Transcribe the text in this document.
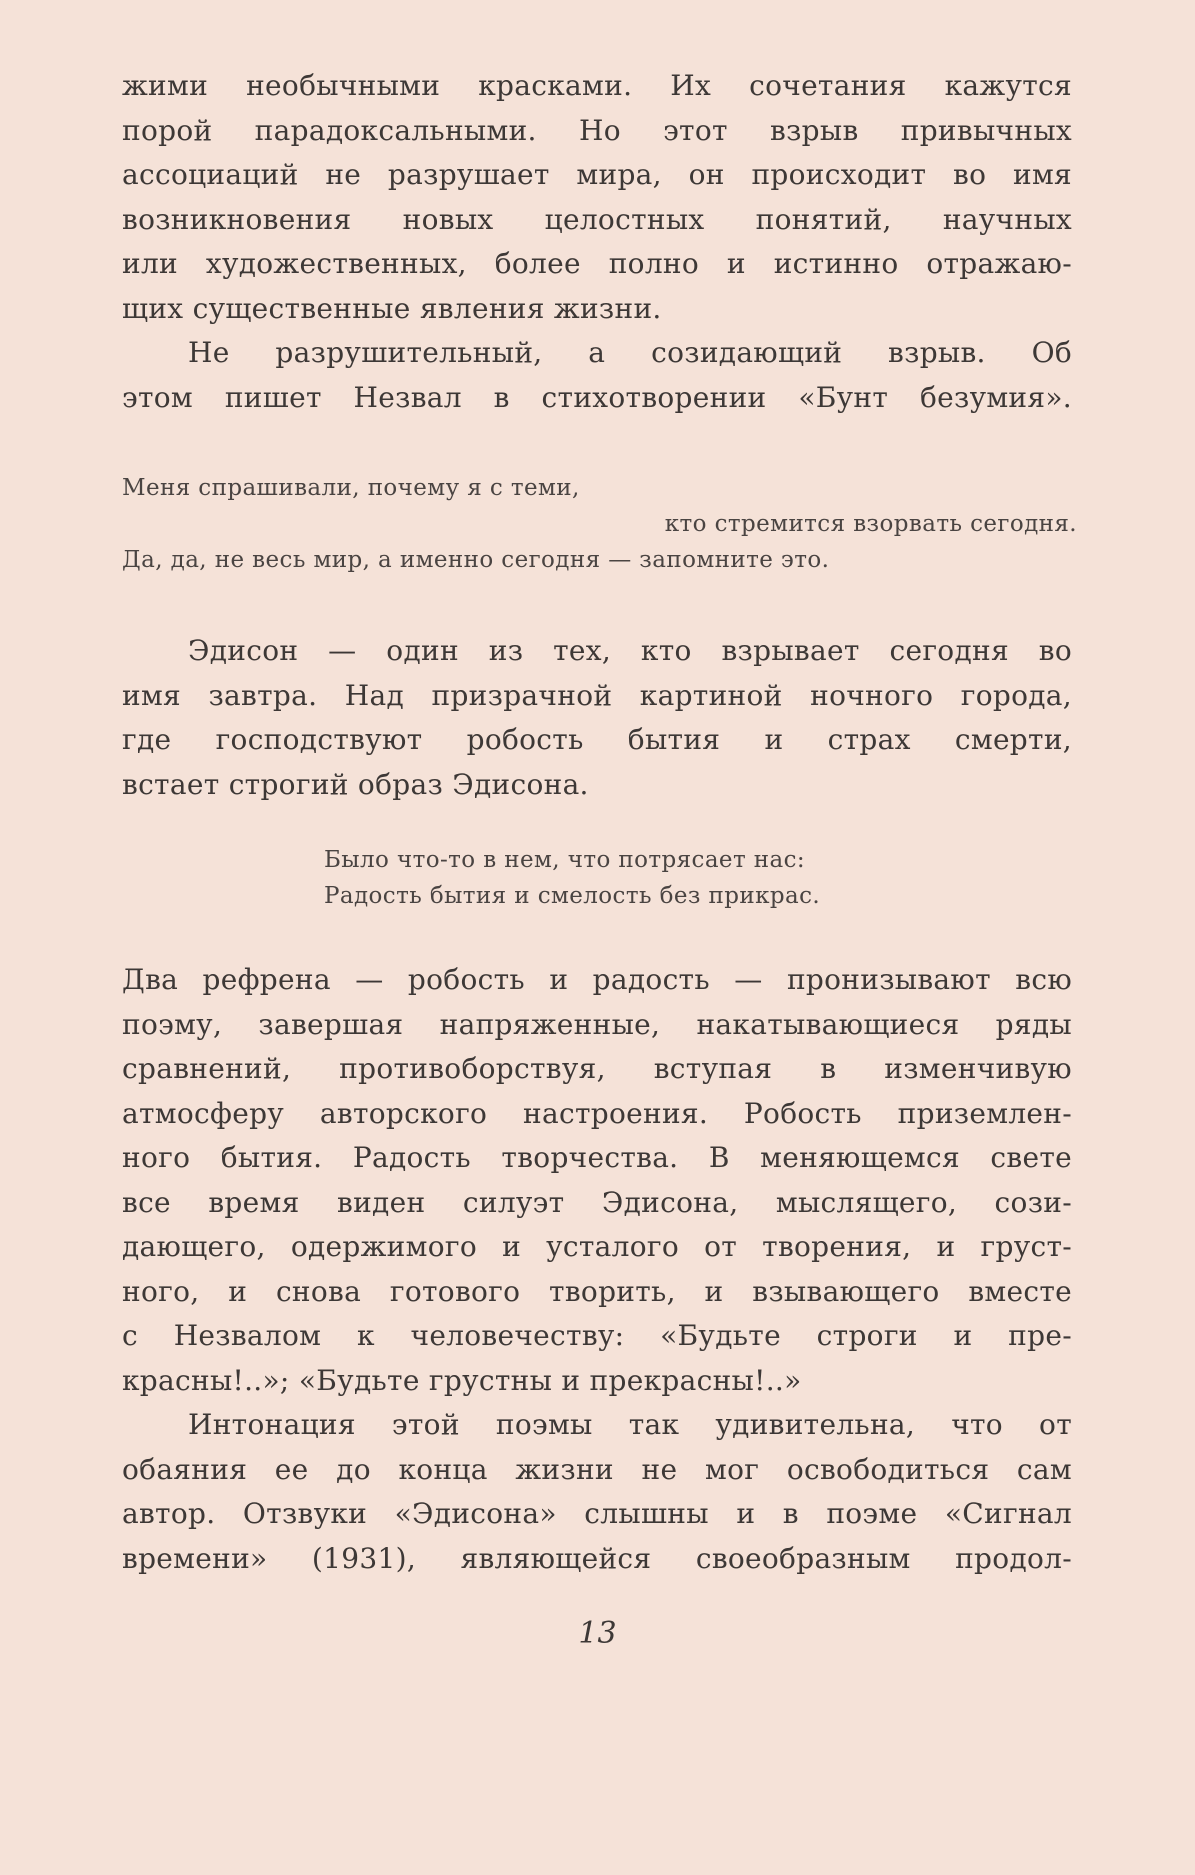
жими необычными красками. Их сочетания кажутся
порой парадоксальными. Но этот взрыв привычных
ассоциаций не разрушает мира, он происходит во имя
возникновения новых целостных понятий, научных
или художественных, более полно и истинно отражаю-
щих существенные явления жизни.
Не разрушительный, а созидающий взрыв. Об
этом пишет Незвал в стихотворении «Бунт безумия».
Меня спрашивали, почему я с теми,
кто стремится взорвать сегодня.
Да, да, не весь мир, а именно сегодня — запомните это.
Эдисон — один из тех, кто взрывает сегодня во
имя завтра. Над призрачной картиной ночного города,
где господствуют робость бытия и страх смерти,
встает строгий образ Эдисона.
Было что-то в нем, что потрясает нас:
Радость бытия и смелость без прикрас.
Два рефрена — робость и радость — пронизывают всю
поэму, завершая напряженные, накатывающиеся ряды
сравнений, противоборствуя, вступая в изменчивую
атмосферу авторского настроения. Робость приземлен-
ного бытия. Радость творчества. В меняющемся свете
все время виден силуэт Эдисона, мыслящего, сози-
дающего, одержимого и усталого от творения, и груст-
ного, и снова готового творить, и взывающего вместе
с Незвалом к человечеству: «Будьте строги и пре-
красны!..»; «Будьте грустны и прекрасны!..»
Интонация этой поэмы так удивительна, что от
обаяния ее до конца жизни не мог освободиться сам
автор. Отзвуки «Эдисона» слышны и в поэме «Сигнал
времени» (1931), являющейся своеобразным продол-
13
